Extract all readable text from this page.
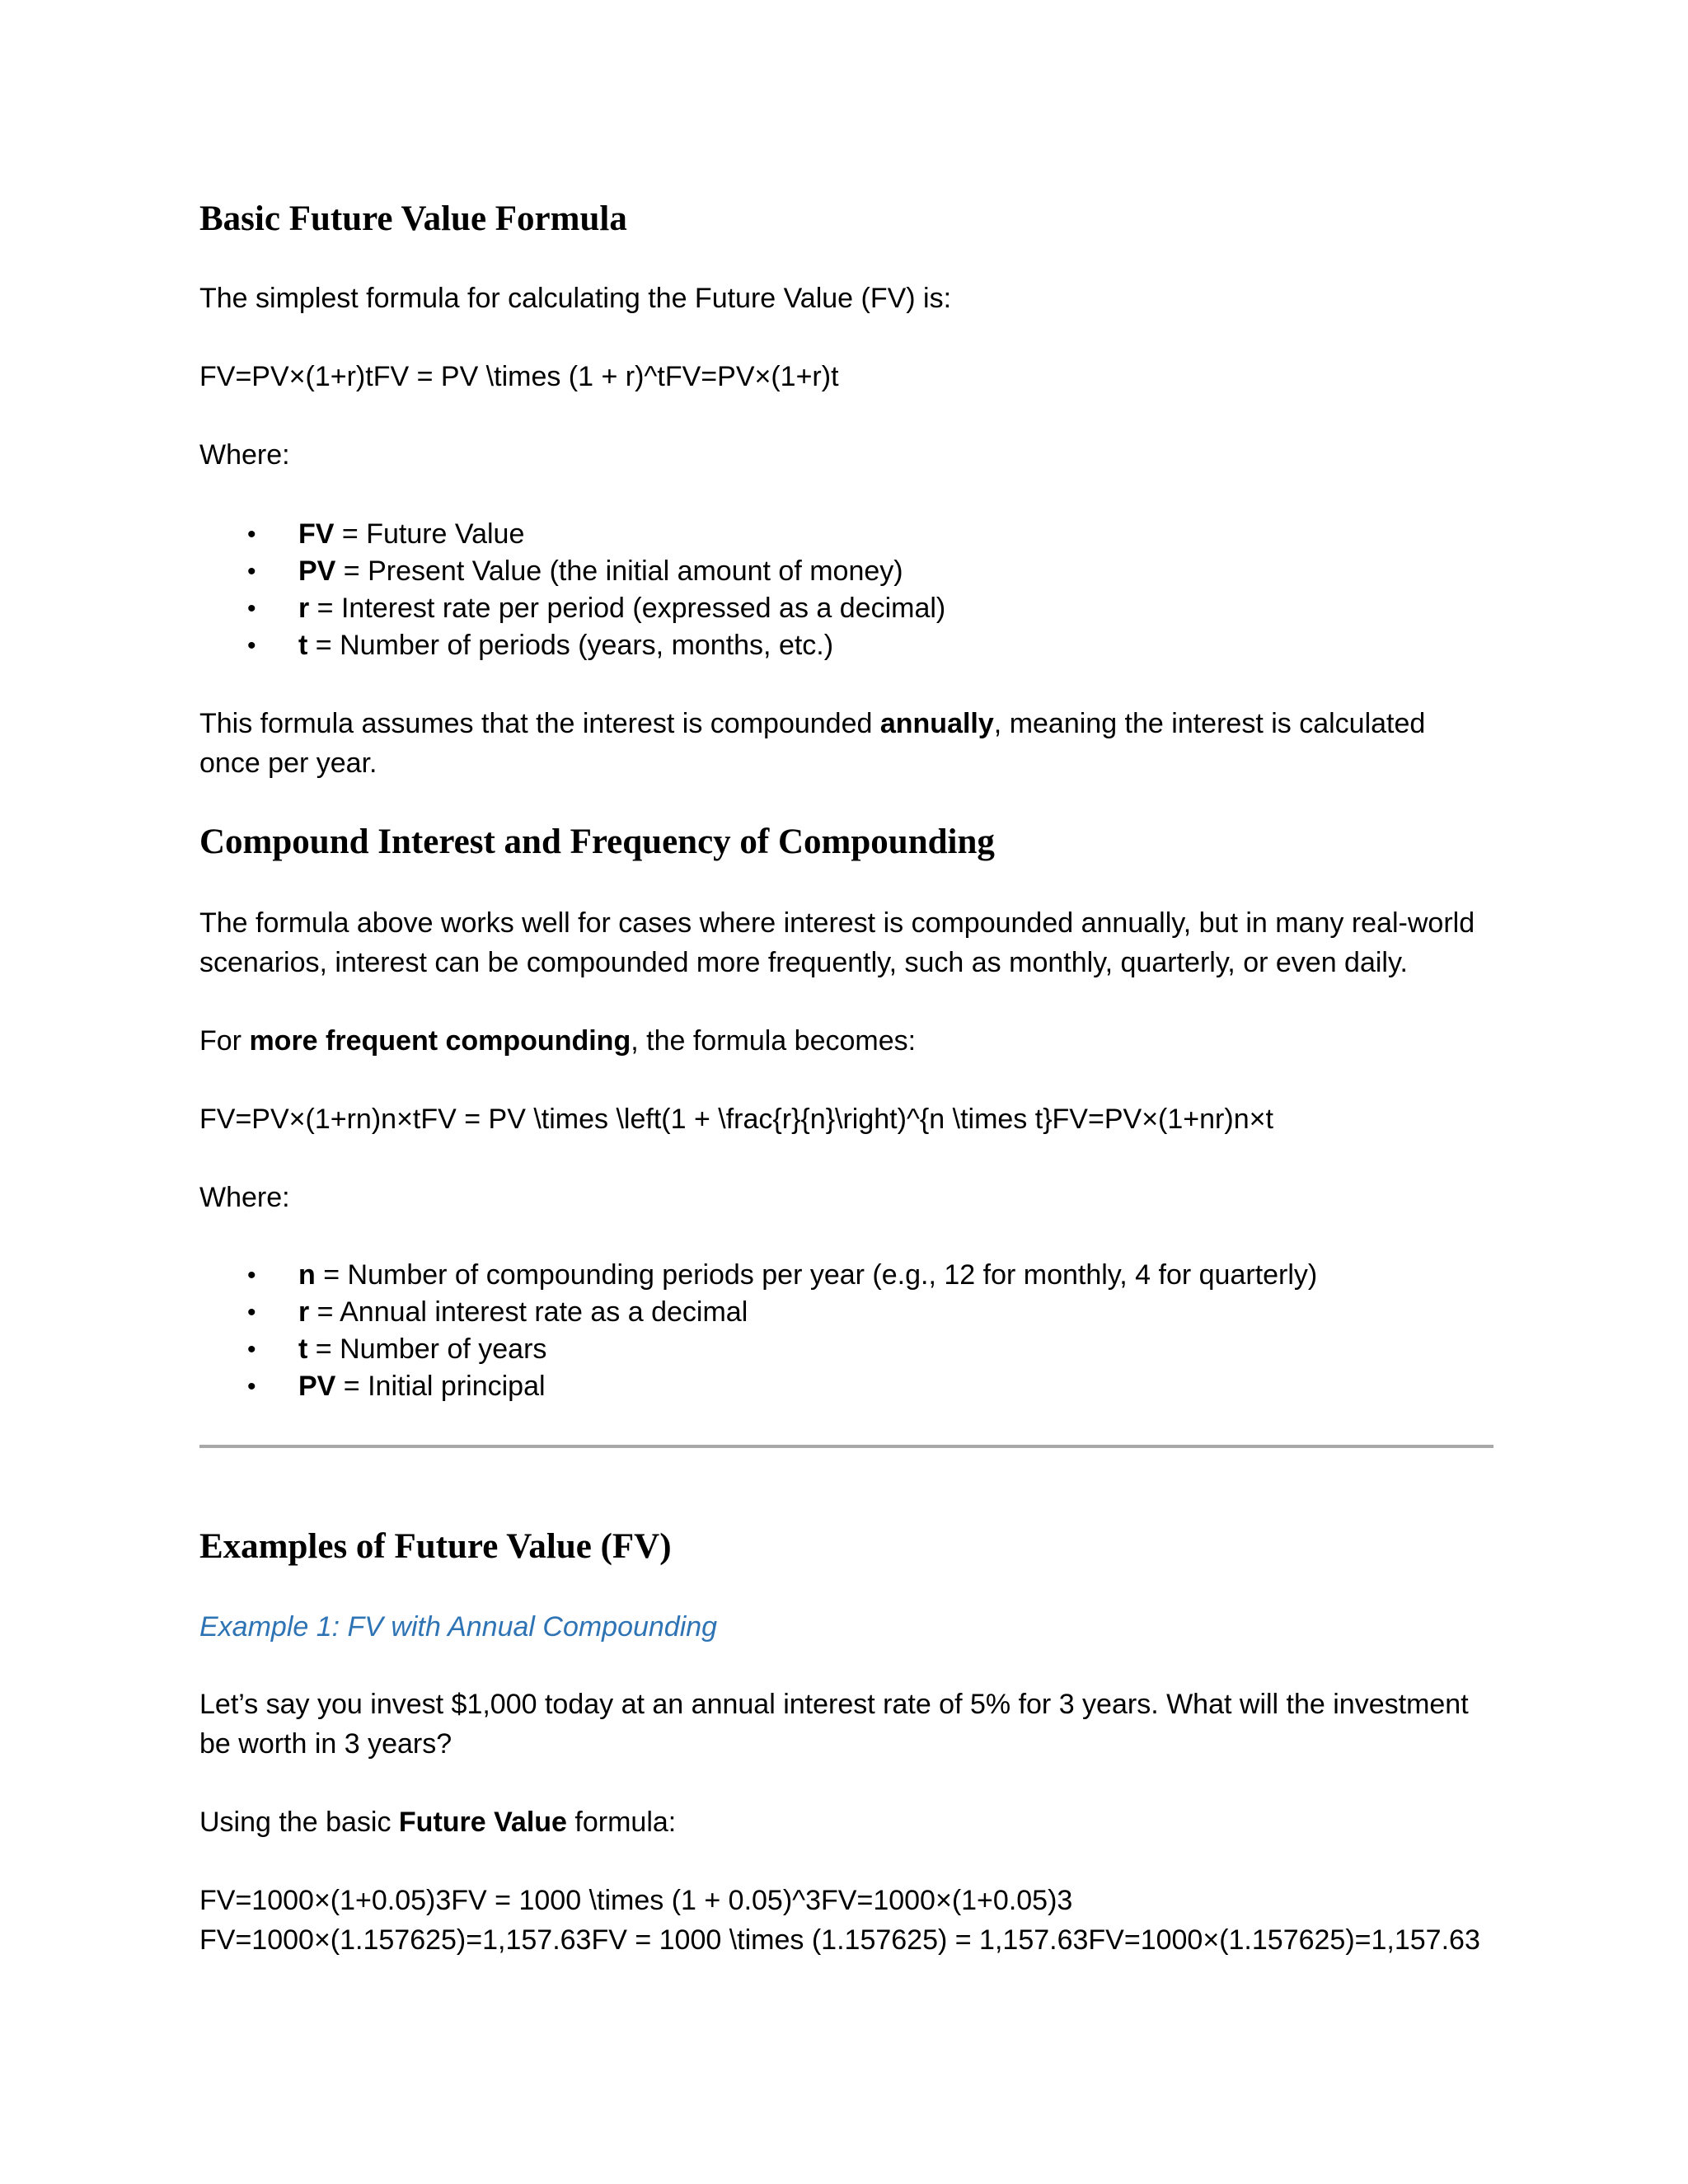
Basic Future Value Formula

The simplest formula for calculating the Future Value (FV) is:

FV=PV×(1+r)tFV = PV \times (1 + r)^tFV=PV×(1+r)t

Where:

• FV = Future Value
• PV = Present Value (the initial amount of money)
• r = Interest rate per period (expressed as a decimal)
• t = Number of periods (years, months, etc.)

This formula assumes that the interest is compounded annually, meaning the interest is calculated once per year.

Compound Interest and Frequency of Compounding

The formula above works well for cases where interest is compounded annually, but in many real-world scenarios, interest can be compounded more frequently, such as monthly, quarterly, or even daily.

For more frequent compounding, the formula becomes:

FV=PV×(1+rn)n×tFV = PV \times \left(1 + \frac{r}{n}\right)^{n \times t}FV=PV×(1+nr)n×t

Where:

• n = Number of compounding periods per year (e.g., 12 for monthly, 4 for quarterly)
• r = Annual interest rate as a decimal
• t = Number of years
• PV = Initial principal
Examples of Future Value (FV)

Example 1: FV with Annual Compounding

Let’s say you invest $1,000 today at an annual interest rate of 5% for 3 years. What will the investment be worth in 3 years?

Using the basic Future Value formula:

FV=1000×(1+0.05)3FV = 1000 \times (1 + 0.05)^3FV=1000×(1+0.05)3 FV=1000×(1.157625)=1,157.63FV = 1000 \times (1.157625) = 1,157.63FV=1000×(1.157625)=1,157.63
